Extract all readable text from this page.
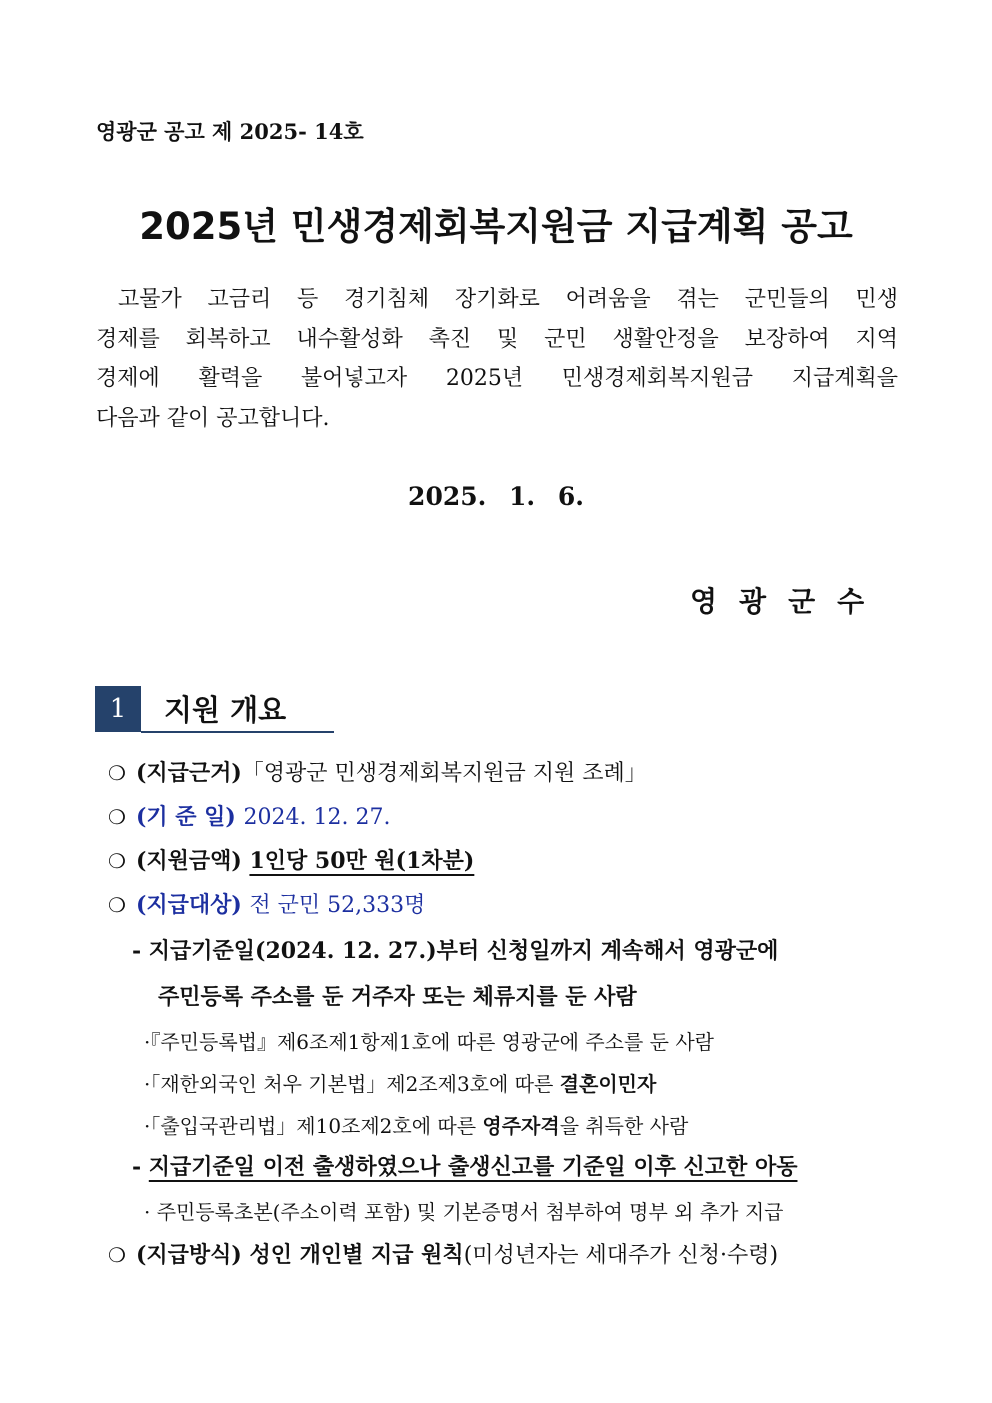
영광군 공고 제 2025- 14호
2025년 민생경제회복지원금 지급계획 공고
고물가 고금리 등 경기침체 장기화로 어려움을 겪는 군민들의 민생
경제를 회복하고 내수활성화 촉진 및 군민 생활안정을 보장하여 지역
경제에 활력을 불어넣고자 2025년 민생경제회복지원금 지급계획을
다음과 같이 공고합니다.
2025. 1. 6.
영광군수
1	지원 개요
❍ (지급근거)「영광군 민생경제회복지원금 지원 조례」
❍ (기 준 일) 2024. 12. 27.
❍ (지원금액) 1인당 50만 원(1차분)
❍ (지급대상) 전 군민 52,333명
- 지급기준일(2024. 12. 27.)부터 신청일까지 계속해서 영광군에
주민등록 주소를 둔 거주자 또는 체류지를 둔 사람
·『주민등록법』제6조제1항제1호에 따른 영광군에 주소를 둔 사람
·「재한외국인 처우 기본법」제2조제3호에 따른 결혼이민자
·「출입국관리법」제10조제2호에 따른 영주자격을 취득한 사람
- 지급기준일 이전 출생하였으나 출생신고를 기준일 이후 신고한 아동
· 주민등록초본(주소이력 포함) 및 기본증명서 첨부하여 명부 외 추가 지급
❍ (지급방식) 성인 개인별 지급 원칙(미성년자는 세대주가 신청·수령)
